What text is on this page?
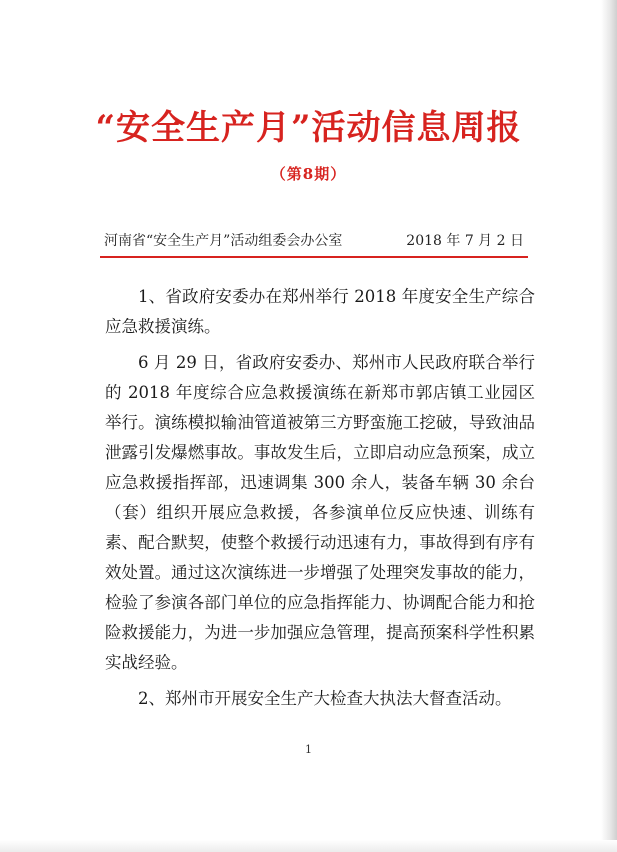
“安全生产月”活动信息周报
（第8期）
河南省“安全生产月”活动组委会办公室	2018 年 7 月 2 日

1、省政府安委办在郑州举行 2018 年度安全生产综合应急救援演练。

6 月 29 日，省政府安委办、郑州市人民政府联合举行的 2018 年度综合应急救援演练在新郑市郭店镇工业园区举行。演练模拟输油管道被第三方野蛮施工挖破，导致油品泄露引发爆燃事故。事故发生后，立即启动应急预案，成立应急救援指挥部，迅速调集 300 余人，装备车辆 30 余台（套）组织开展应急救援，各参演单位反应快速、训练有素、配合默契，使整个救援行动迅速有力，事故得到有序有效处置。通过这次演练进一步增强了处理突发事故的能力，检验了参演各部门单位的应急指挥能力、协调配合能力和抢险救援能力，为进一步加强应急管理，提高预案科学性积累实战经验。

2、郑州市开展安全生产大检查大执法大督查活动。

1
